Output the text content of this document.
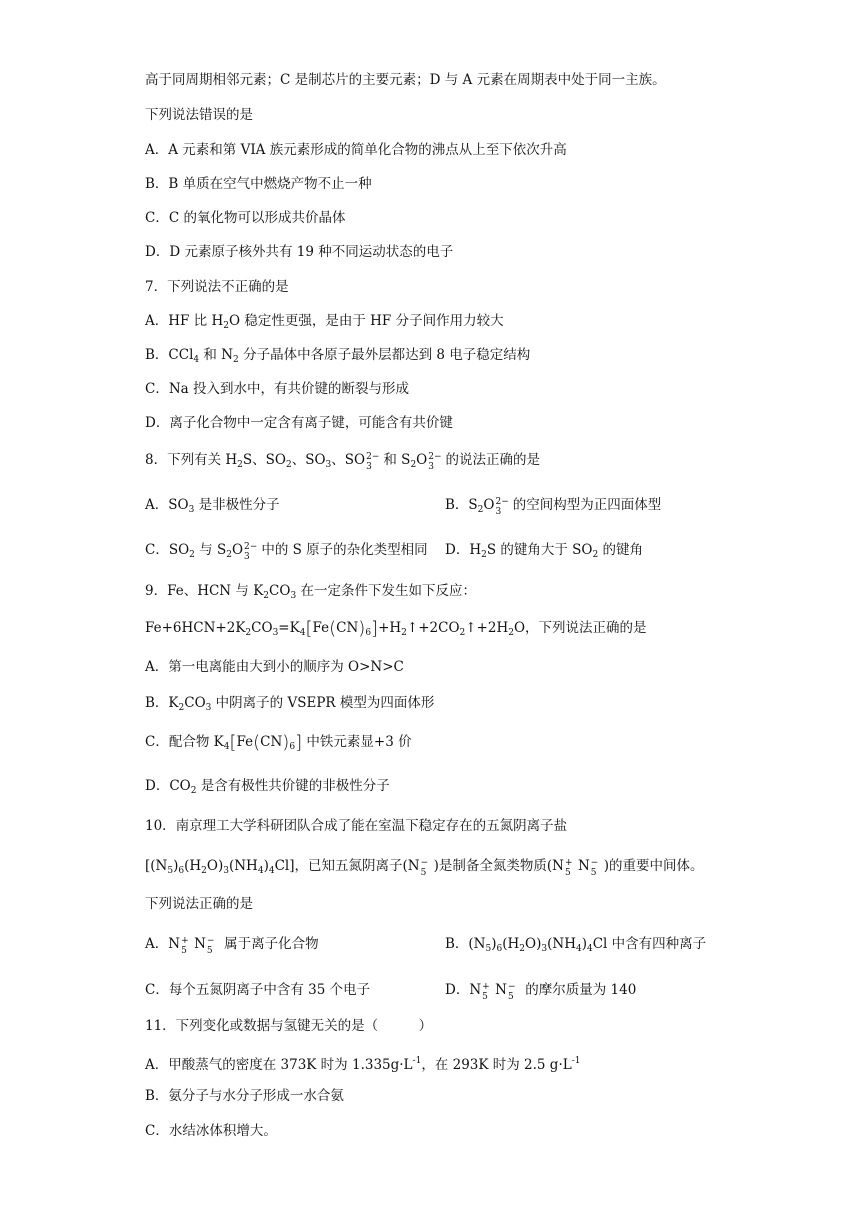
高于同周期相邻元素；C 是制芯片的主要元素；D 与 A 元素在周期表中处于同一主族。
下列说法错误的是
A．A 元素和第 VIA 族元素形成的简单化合物的沸点从上至下依次升高
B．B 单质在空气中燃烧产物不止一种
C．C 的氧化物可以形成共价晶体
D．D 元素原子核外共有 19 种不同运动状态的电子
7．下列说法不正确的是
A．HF 比 $H_2O$ 稳定性更强，是由于 HF 分子间作用力较大
B．CCl$_4$ 和 $N_2$ 分子晶体中各原子最外层都达到 8 电子稳定结构
C．Na 投入到水中，有共价键的断裂与形成
D．离子化合物中一定含有离子键，可能含有共价键
8．下列有关 $H_2S$、$SO_2$、$SO_3$、SO 2−
3 和 $S_2O$ 2−
3 的说法正确的是
A．$SO_3$ 是非极性分子	B．$S_2O$ 2−
3 的空间构型为正四面体型
C．$SO_2$ 与 $S_2O$ 2−
3 中的 S 原子的杂化类型相同 D．$H_2S$ 的键角大于 $SO_2$ 的键角
9．Fe、HCN 与 $K_2CO_3$ 在一定条件下发生如下反应：
$Fe+6HCN+2K_2CO_3=K_4[Fe(CN)_6]+H_2↑+2CO_2↑+2H_2O$，下列说法正确的是
A．第一电离能由大到小的顺序为 O>N>C
B．$K_2CO_3$ 中阴离子的 VSEPR 模型为四面体形
C．配合物 $K_4[Fe(CN)_6]$ 中铁元素显+3 价
D．$CO_2$ 是含有极性共价键的非极性分子
10．南京理工大学科研团队合成了能在室温下稳定存在的五氮阴离子盐
$[(N_5)_6(H_2O)_3(NH_4)_4Cl]$，已知五氮阴离子(N −
5 )是制备全氮类物质(N +
5 N −
5 )的重要中间体。
下列说法正确的是
A．N +
5 N −
5 属于离子化合物	B．$(N_5)_6(H_2O)_3(NH_4)_4Cl$ 中含有四种离子
C．每个五氮阴离子中含有 35 个电子	D．N +
5 N −
5 的摩尔质量为 140
11．下列变化或数据与氢键无关的是（　　　）
A．甲酸蒸气的密度在 373K 时为 $1.335g\cdot L^{-1}$，在 293K 时为 2.5 $g\cdot L^{-1}$
B．氨分子与水分子形成一水合氨
C．水结冰体积增大。
